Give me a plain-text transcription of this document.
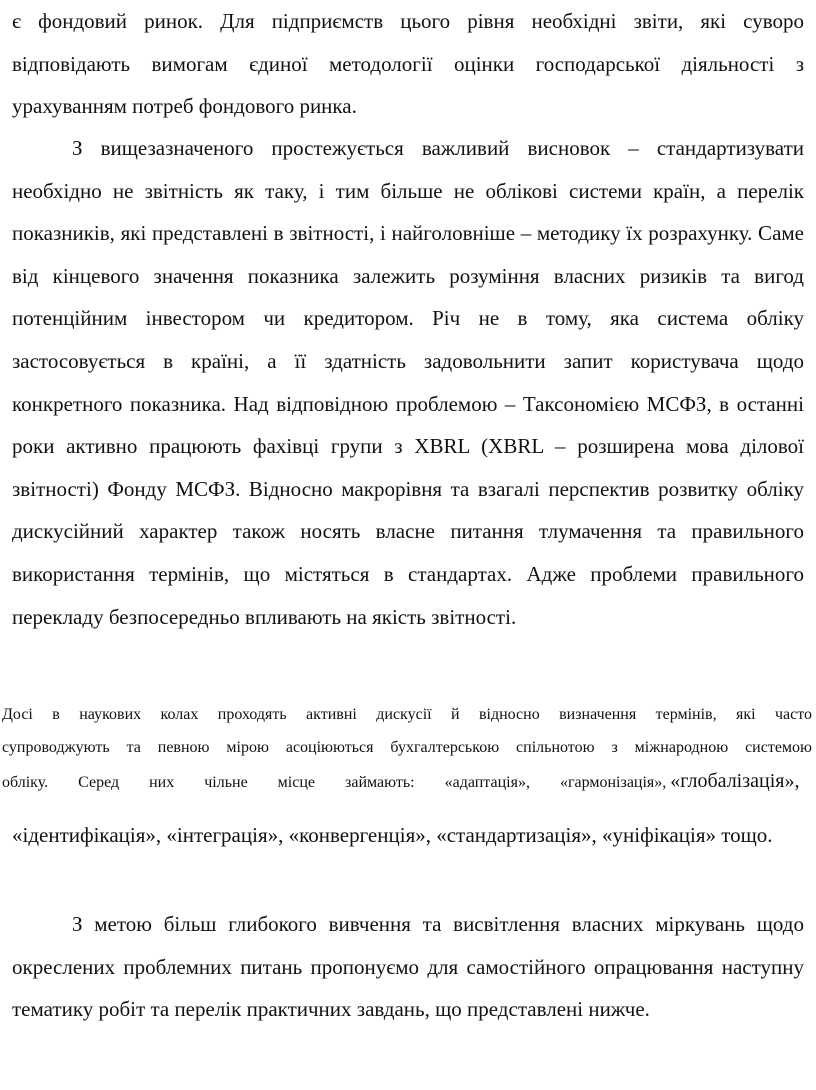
є фондовий ринок. Для підприємств цього рівня необхідні звіти, які суворо відповідають вимогам єдиної методології оцінки господарської діяльності з урахуванням потреб фондового ринка.

З вищезазначеного простежується важливий висновок – стандартизувати необхідно не звітність як таку, і тим більше не облікові системи країн, а перелік показників, які представлені в звітності, і найголовніше – методику їх розрахунку. Саме від кінцевого значення показника залежить розуміння власних ризиків та вигод потенційним інвестором чи кредитором. Річ не в тому, яка система обліку застосовується в країні, а її здатність задовольнити запит користувача щодо конкретного показника. Над відповідною проблемою – Таксономією МСФЗ, в останні роки активно працюють фахівці групи з XBRL (XBRL – розширена мова ділової звітності) Фонду МСФЗ. Відносно макрорівня та взагалі перспектив розвитку обліку дискусійний характер також носять власне питання тлумачення та правильного використання термінів, що містяться в стандартах. Адже проблеми правильного перекладу безпосередньо впливають на якість звітності.

Досі в наукових колах проходять активні дискусії й відносно визначення термінів, які часто

супроводжують та певною мірою асоціюються бухгалтерською спільнотою з міжнародною системою

обліку. Серед них чільне місце займають: «адаптація», «гармонізація», «глобалізація»,

«ідентифікація», «інтеграція», «конвергенція», «стандартизація», «уніфікація» тощо.

З метою більш глибокого вивчення та висвітлення власних міркувань щодо окреслених проблемних питань пропонуємо для самостійного опрацювання наступну тематику робіт та перелік практичних завдань, що представлені нижче.
